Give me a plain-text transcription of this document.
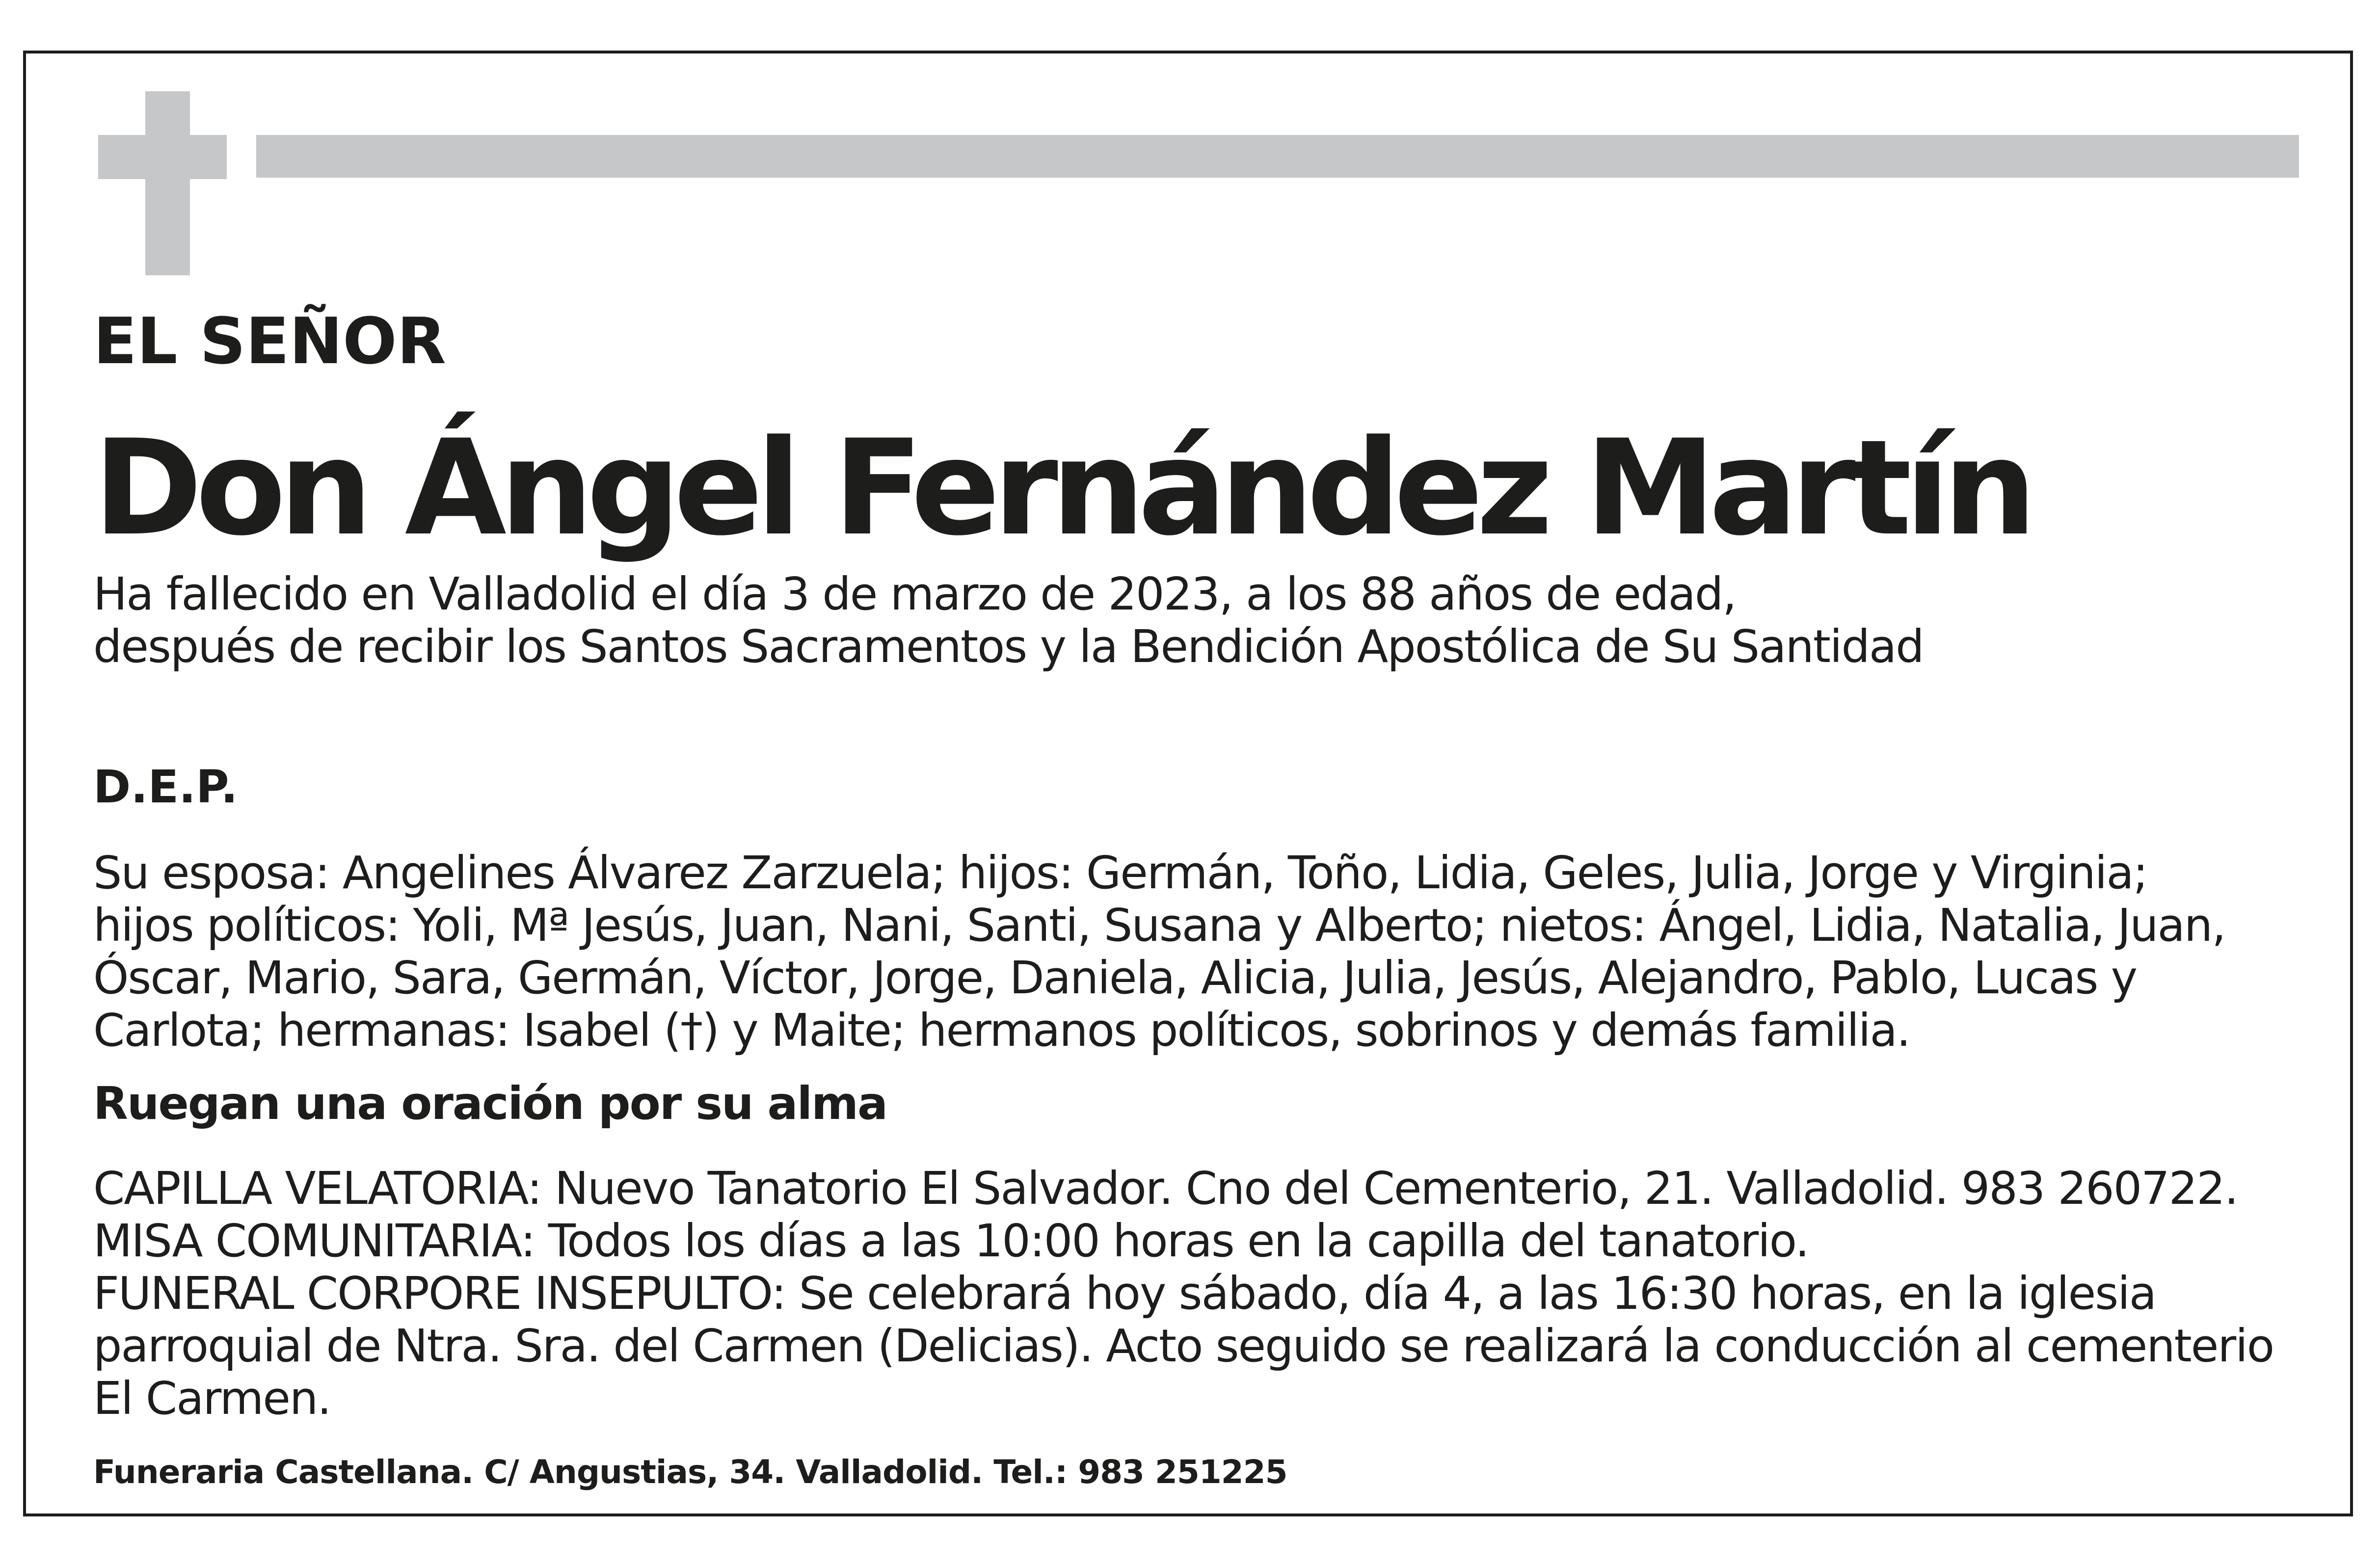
EL SEÑOR

Don Ángel Fernández Martín

Ha fallecido en Valladolid el día 3 de marzo de 2023, a los 88 años de edad,
después de recibir los Santos Sacramentos y la Bendición Apostólica de Su Santidad

D.E.P.

Su esposa: Angelines Álvarez Zarzuela; hijos: Germán, Toño, Lidia, Geles, Julia, Jorge y Virginia;
hijos políticos: Yoli, Mª Jesús, Juan, Nani, Santi, Susana y Alberto; nietos: Ángel, Lidia, Natalia, Juan,
Óscar, Mario, Sara, Germán, Víctor, Jorge, Daniela, Alicia, Julia, Jesús, Alejandro, Pablo, Lucas y
Carlota; hermanas: Isabel (†) y Maite; hermanos políticos, sobrinos y demás familia.

Ruegan una oración por su alma

CAPILLA VELATORIA: Nuevo Tanatorio El Salvador. Cno del Cementerio, 21. Valladolid. 983 260722.
MISA COMUNITARIA: Todos los días a las 10:00 horas en la capilla del tanatorio.
FUNERAL CORPORE INSEPULTO: Se celebrará hoy sábado, día 4, a las 16:30 horas, en la iglesia
parroquial de Ntra. Sra. del Carmen (Delicias). Acto seguido se realizará la conducción al cementerio
El Carmen.

Funeraria Castellana. C/ Angustias, 34. Valladolid. Tel.: 983 251225
